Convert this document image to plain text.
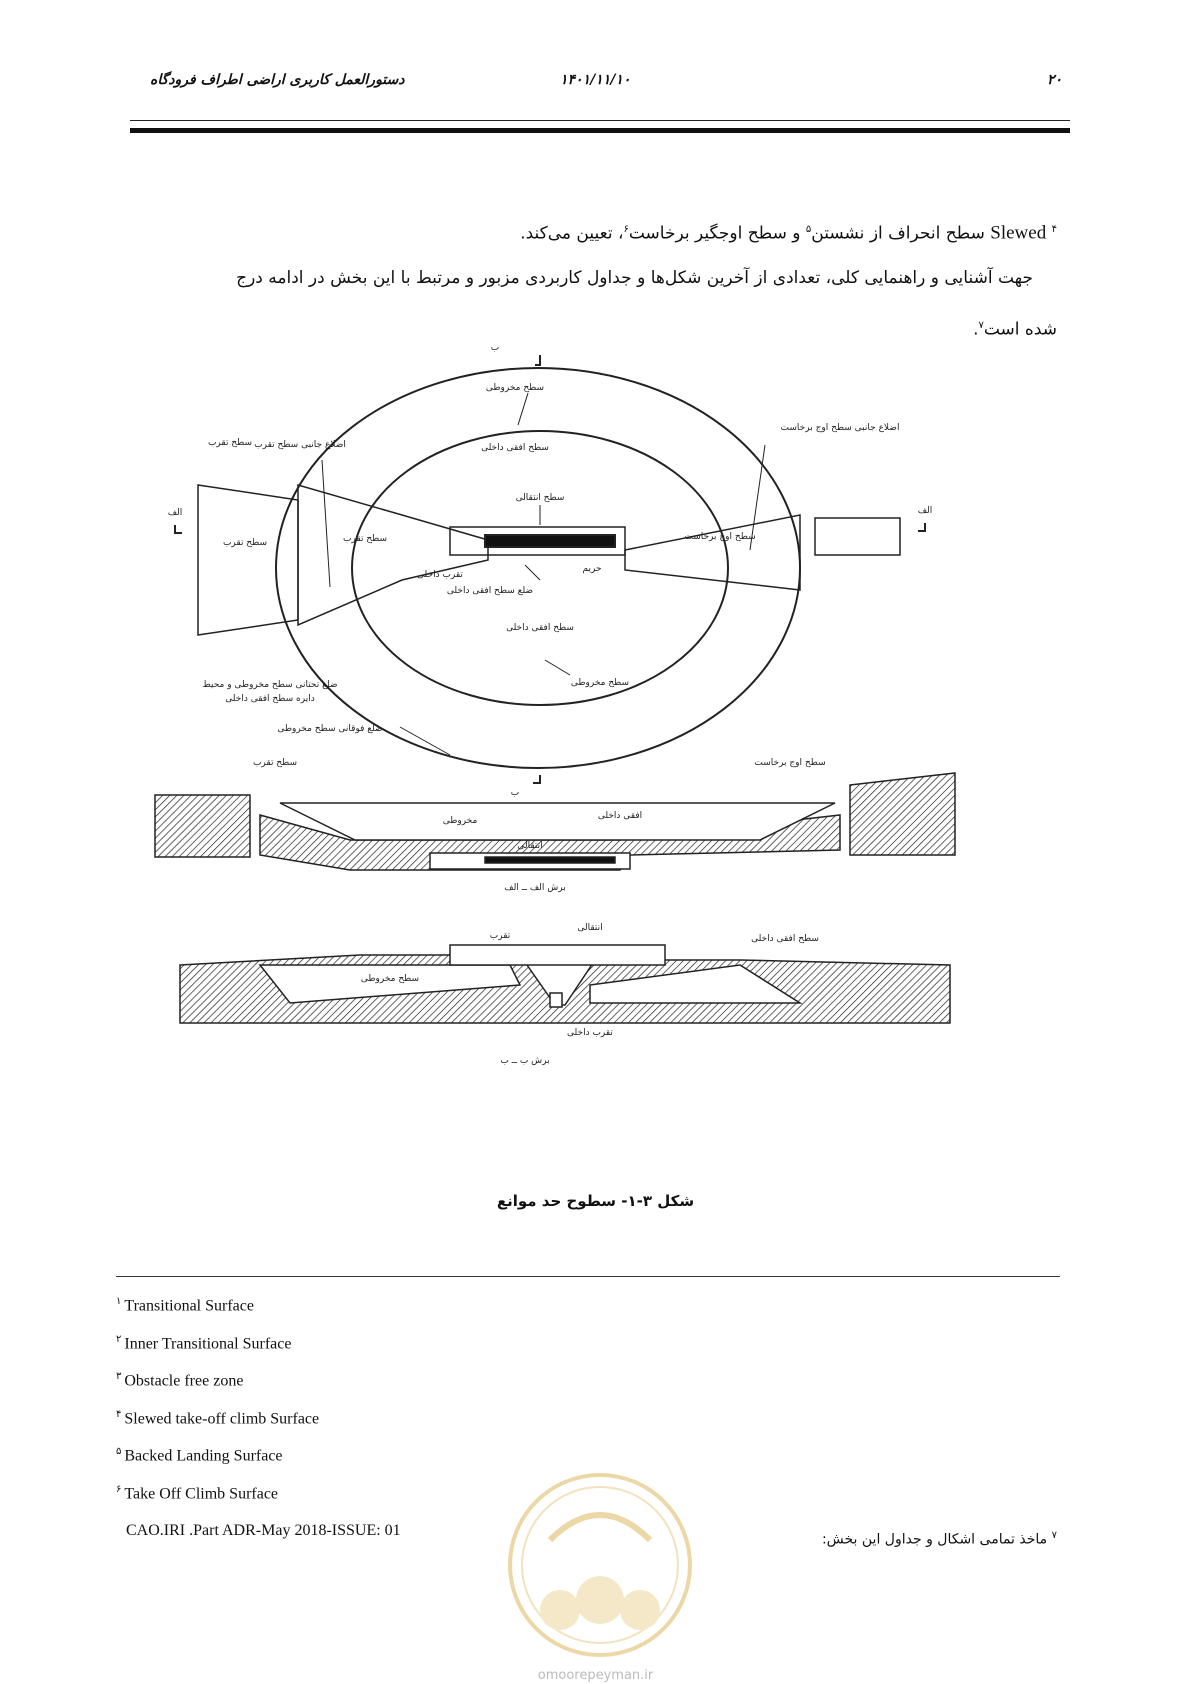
۲۰
۱۴۰۱/۱۱/۱۰
دستورالعمل کاربری اراضی اطراف فرودگاه
Slewed $^۴$ سطح انحراف از نشستن$^۵$ و سطح اوجگیر برخاست$^۶$، تعیین می‌کند.
جهت آشنایی و راهنمایی کلی، تعدادی از آخرین شکل‌ها و جداول کاربردی مزبور و مرتبط با این بخش در ادامه درج
شده است$^۷$.
ب
سطح مخروطی
سطح افقی داخلی
اضلاع جانبی سطح تقرب
اضلاع جانبی سطح اوج برخاست
سطح تقرب
الف	الف
سطح تقرب	سطح تقرب
سطح انتقالی
سطح اوج برخاست
تقرب داخلی
ضلع سطح افقی داخلی
حریم
سطح افقی داخلی
سطح مخروطی
ضلع تحتانی سطح مخروطی و محیط
دایره سطح افقی داخلی
ضلع فوقانی سطح مخروطی
ب
سطح تقرب	سطح اوج برخاست
مخروطی	افقی داخلی
انتقالی
برش الف ــ الف
انتقالی
تقرب	سطح افقی داخلی
سطح مخروطی
تقرب داخلی
برش ب ــ ب
شکل ۳-۱- سطوح حد موانع
$^۱$ Transitional Surface
$^۲$ Inner Transitional Surface
$^۳$ Obstacle free zone
$^۴$ Slewed take-off climb Surface
$^۵$ Backed Landing Surface
$^۶$ Take Off Climb Surface
CAO.IRI .Part ADR-May 2018-ISSUE: 01	$^۷$ ماخذ تمامی اشکال و جداول این بخش:
omoorepeyman.ir
